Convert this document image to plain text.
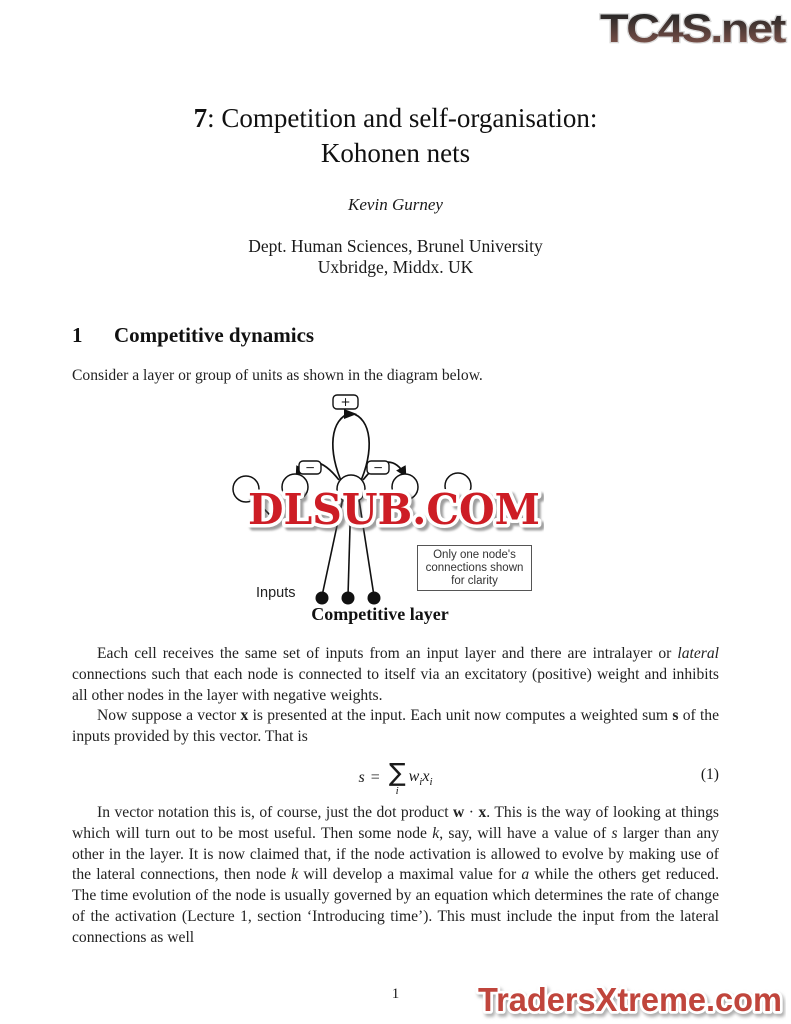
TC4S.net
7: Competition and self-organisation:
Kohonen nets
Kevin Gurney
Dept. Human Sciences, Brunel University
Uxbridge, Middx. UK
1 Competitive dynamics
Consider a layer or group of units as shown in the diagram below.
+
−	−
DLSUB.COM
Only one node's
connections shown
for clarity
Inputs
Competitive layer
Each cell receives the same set of inputs from an input layer and there are intralayer or lateral connections such that each node is connected to itself via an excitatory (positive) weight and inhibits all other nodes in the layer with negative weights.
Now suppose a vector x is presented at the input. Each unit now computes a weighted sum s of the inputs provided by this vector. That is
s = ∑
i
$w_i$ $x_i$	(1)
In vector notation this is, of course, just the dot product w · x. This is the way of looking at things which will turn out to be most useful. Then some node k, say, will have a value of s larger than any other in the layer. It is now claimed that, if the node activation is allowed to evolve by making use of the lateral connections, then node k will develop a maximal value for a while the others get reduced. The time evolution of the node is usually governed by an equation which determines the rate of change of the activation (Lecture 1, section ‘Introducing time’). This must include the input from the lateral connections as well
1	TradersXtreme.com
